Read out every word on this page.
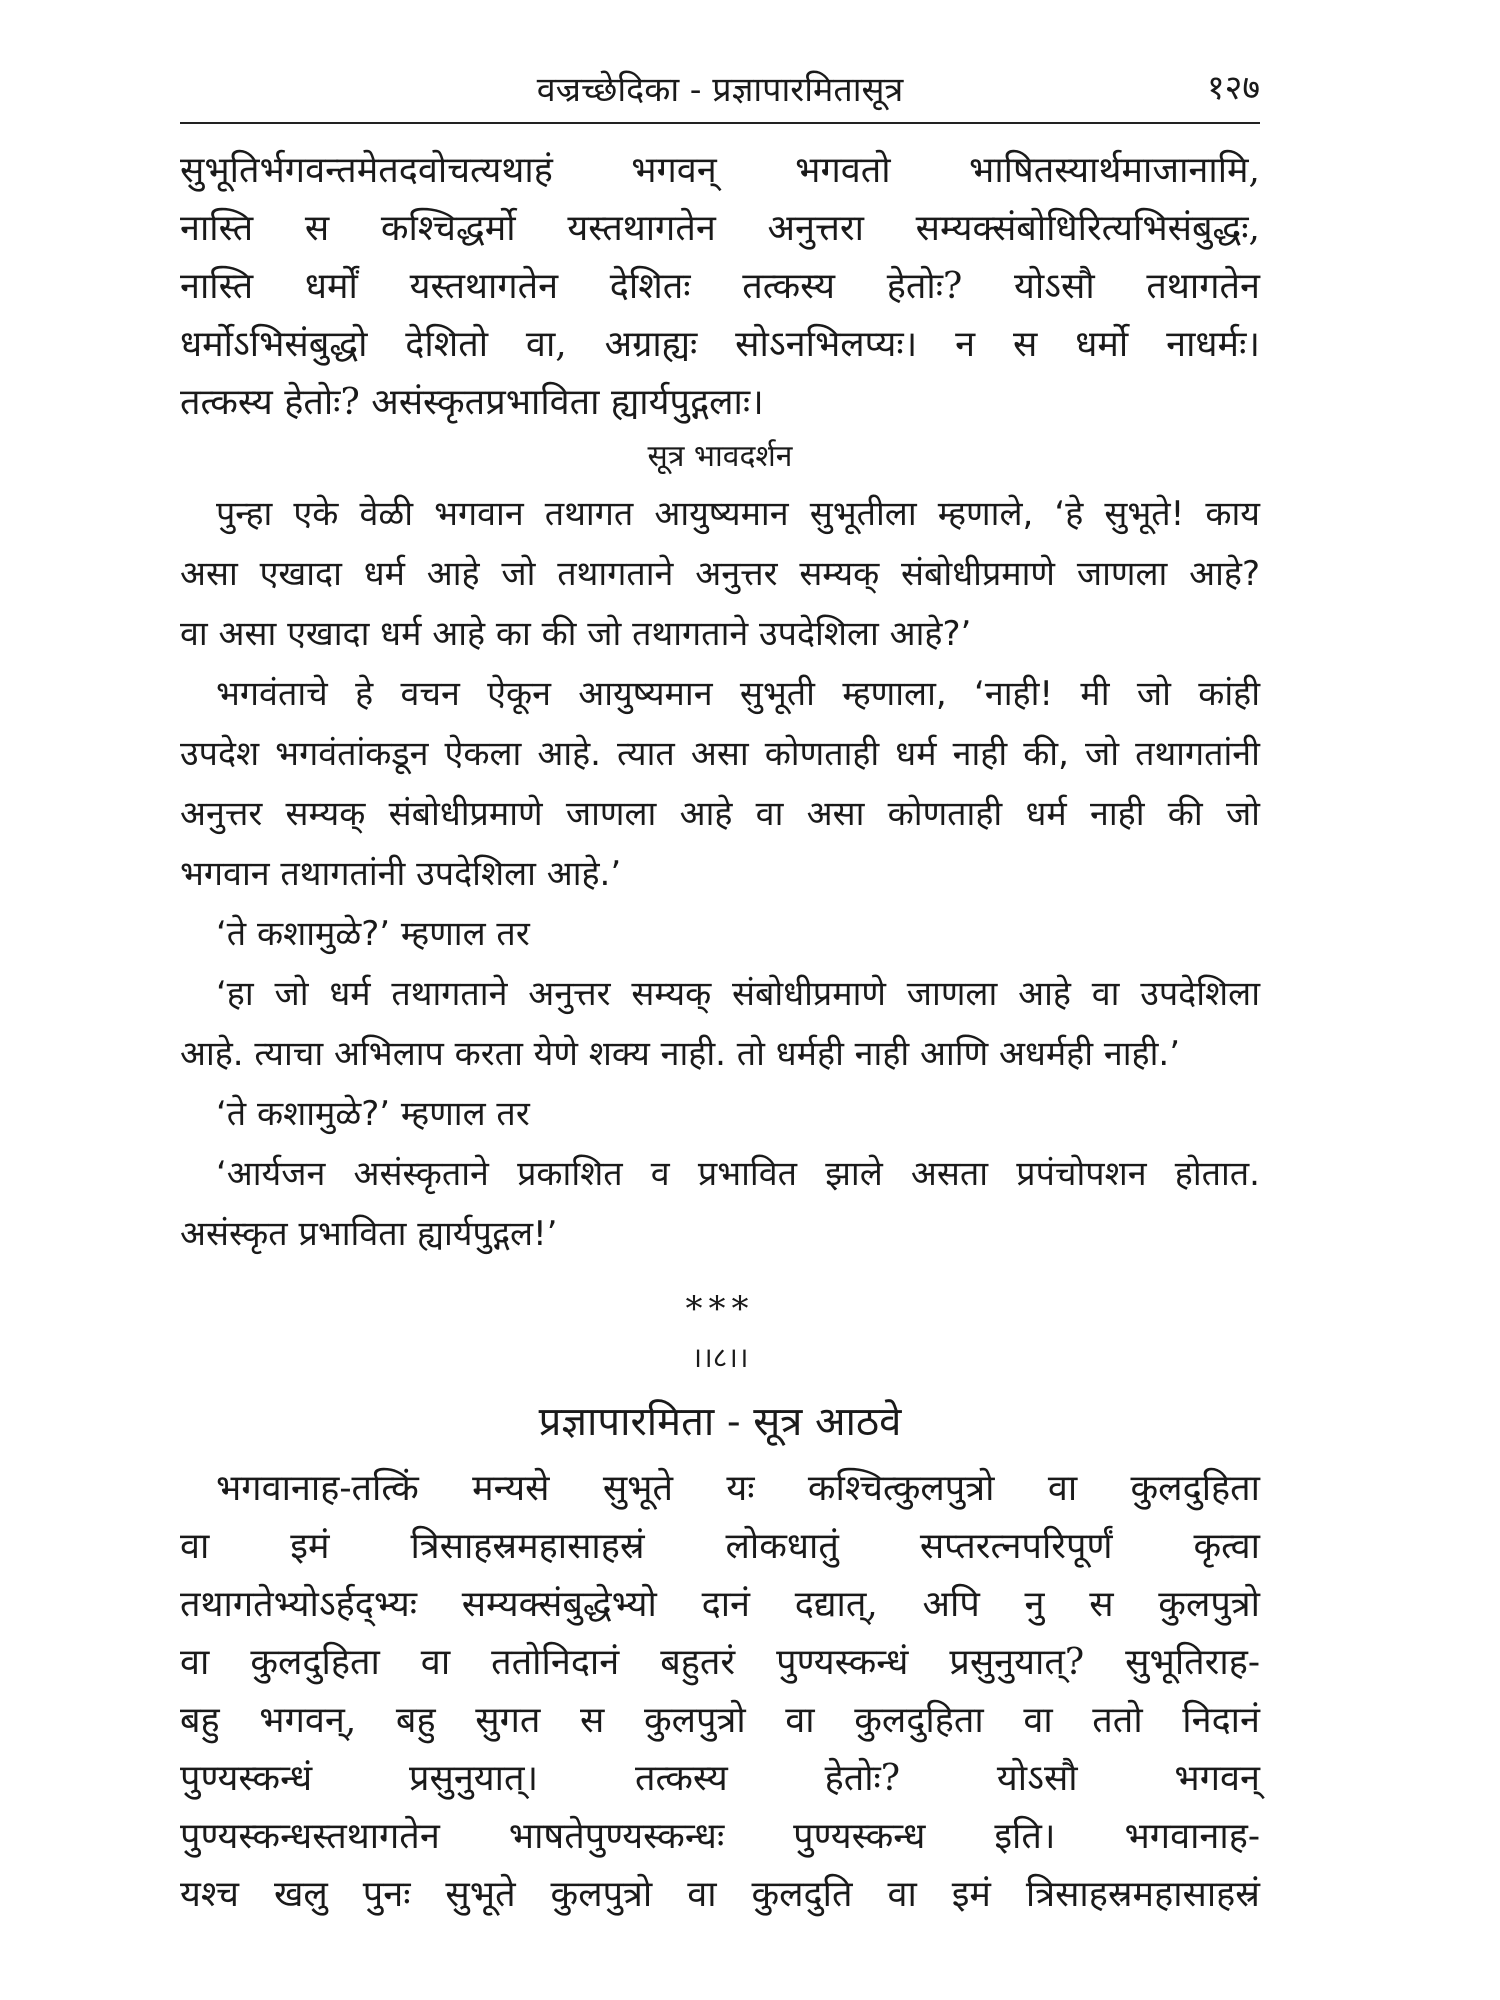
वज्रच्छेदिका - प्रज्ञापारमितासूत्र	१२७
सुभूतिर्भगवन्तमेतदवोचत्यथाहं भगवन् भगवतो भाषितस्यार्थमाजानामि,
नास्ति स कश्चिद्धर्मो यस्तथागतेन अनुत्तरा सम्यक्संबोधिरित्यभिसंबुद्धः,
नास्ति धर्मों यस्तथागतेन देशितः तत्कस्य हेतोः? योऽसौ तथागतेन
धर्मोऽभिसंबुद्धो देशितो वा, अग्राह्यः सोऽनभिलप्यः। न स धर्मो नाधर्मः।
तत्कस्य हेतोः? असंस्कृतप्रभाविता ह्यार्यपुद्गलाः।
सूत्र भावदर्शन
पुन्हा एके वेळी भगवान तथागत आयुष्यमान सुभूतीला म्हणाले, ‘हे सुभूते! काय
असा एखादा धर्म आहे जो तथागताने अनुत्तर सम्यक् संबोधीप्रमाणे जाणला आहे?
वा असा एखादा धर्म आहे का की जो तथागताने उपदेशिला आहे?’
भगवंताचे हे वचन ऐकून आयुष्यमान सुभूती म्हणाला, ‘नाही! मी जो कांही
उपदेश भगवंतांकडून ऐकला आहे. त्यात असा कोणताही धर्म नाही की, जो तथागतांनी
अनुत्तर सम्यक् संबोधीप्रमाणे जाणला आहे वा असा कोणताही धर्म नाही की जो
भगवान तथागतांनी उपदेशिला आहे.’
‘ते कशामुळे?’ म्हणाल तर
‘हा जो धर्म तथागताने अनुत्तर सम्यक् संबोधीप्रमाणे जाणला आहे वा उपदेशिला
आहे. त्याचा अभिलाप करता येणे शक्य नाही. तो धर्मही नाही आणि अधर्मही नाही.’
‘ते कशामुळे?’ म्हणाल तर
‘आर्यजन असंस्कृताने प्रकाशित व प्रभावित झाले असता प्रपंचोपशन होतात.
असंस्कृत प्रभाविता ह्यार्यपुद्गल!’
***
।।८।।
प्रज्ञापारमिता - सूत्र आठवे
भगवानाह-तत्किं मन्यसे सुभूते यः कश्चित्कुलपुत्रो वा कुलदुहिता
वा इमं त्रिसाहस्रमहासाहस्रं लोकधातुं सप्तरत्नपरिपूर्णं कृत्वा
तथागतेभ्योऽर्हद्भ्यः सम्यक्संबुद्धेभ्यो दानं दद्यात्, अपि नु स कुलपुत्रो
वा कुलदुहिता वा ततोनिदानं बहुतरं पुण्यस्कन्धं प्रसुनुयात्? सुभूतिराह-
बहु भगवन्, बहु सुगत स कुलपुत्रो वा कुलदुहिता वा ततो निदानं
पुण्यस्कन्धं प्रसुनुयात्। तत्कस्य हेतोः? योऽसौ भगवन्
पुण्यस्कन्धस्तथागतेन भाषतेपुण्यस्कन्धः पुण्यस्कन्ध इति। भगवानाह-
यश्च खलु पुनः सुभूते कुलपुत्रो वा कुलदुति वा इमं त्रिसाहस्रमहासाहस्रं
